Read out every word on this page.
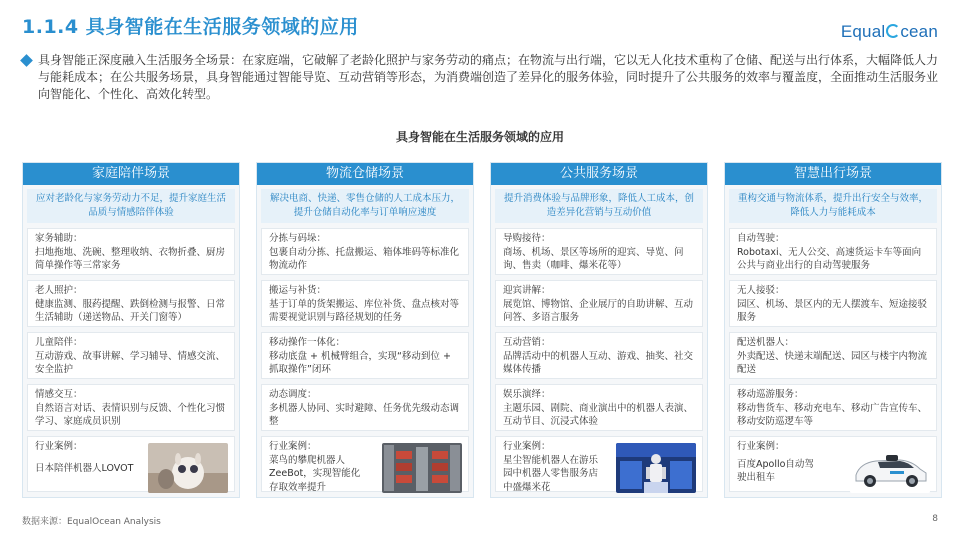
1.1.4 具身智能在生活服务领域的应用	Equal cean
具身智能正深度融入生活服务全场景：在家庭端，它破解了老龄化照护与家务劳动的痛点；在物流与出行端，它以无人化技术重构了仓储、配送与出行体系，大幅降低人力与能耗成本；在公共服务场景，具身智能通过智能导览、互动营销等形态，为消费端创造了差异化的服务体验，同时提升了公共服务的效率与覆盖度，全面推动生活服务业向智能化、个性化、高效化转型。
具身智能在生活服务领域的应用
家庭陪伴场景
应对老龄化与家务劳动力不足，提升家庭生活品质与情感陪伴体验
家务辅助：
扫地拖地、洗碗、整理收纳、衣物折叠、厨房简单操作等三常家务
老人照护：
健康监测、服药提醒、跌倒检测与报警、日常生活辅助（递送物品、开关门窗等）
儿童陪伴：
互动游戏、故事讲解、学习辅导、情感交流、安全监护
情感交互：
自然语言对话、表情识别与反馈、个性化习惯学习、家庭成员识别
行业案例：
日本陪伴机器人LOVOT
物流仓储场景
解决电商、快递、零售仓储的人工成本压力，提升仓储自动化率与订单响应速度
分拣与码垛：
包裹自动分拣、托盘搬运、箱体堆码等标准化物流动作
搬运与补货：
基于订单的货架搬运、库位补货、盘点核对等需要视觉识别与路径规划的任务
移动操作一体化：
移动底盘 + 机械臂组合，实现“移动到位 + 抓取操作”闭环
动态调度：
多机器人协同、实时避障、任务优先级动态调整
行业案例：
菜鸟的攀爬机器人ZeeBot，实现智能化存取效率提升
公共服务场景
提升消费体验与品牌形象，降低人工成本，创造差异化营销与互动价值
导购接待：
商场、机场、景区等场所的迎宾、导览、问询、售卖（咖啡、爆米花等）
迎宾讲解：
展览馆、博物馆、企业展厅的自助讲解、互动问答、多语言服务
互动营销：
品牌活动中的机器人互动、游戏、抽奖、社交媒体传播
娱乐演绎：
主题乐园、剧院、商业演出中的机器人表演、互动节目、沉浸式体验
行业案例：
星尘智能机器人在游乐园中机器人零售服务店中盛爆米花
智慧出行场景
重构交通与物流体系，提升出行安全与效率，降低人力与能耗成本
自动驾驶：
Robotaxi、无人公交、高速货运卡车等面向公共与商业出行的自动驾驶服务
无人接驳：
园区、机场、景区内的无人摆渡车、短途接驳服务
配送机器人：
外卖配送、快递末端配送、园区与楼宇内物流配送
移动巡游服务：
移动售货车、移动充电车、移动广告宣传车、移动安防巡逻车等
行业案例：
百度Apollo自动驾驶出租车
数据来源：EqualOcean Analysis	8
